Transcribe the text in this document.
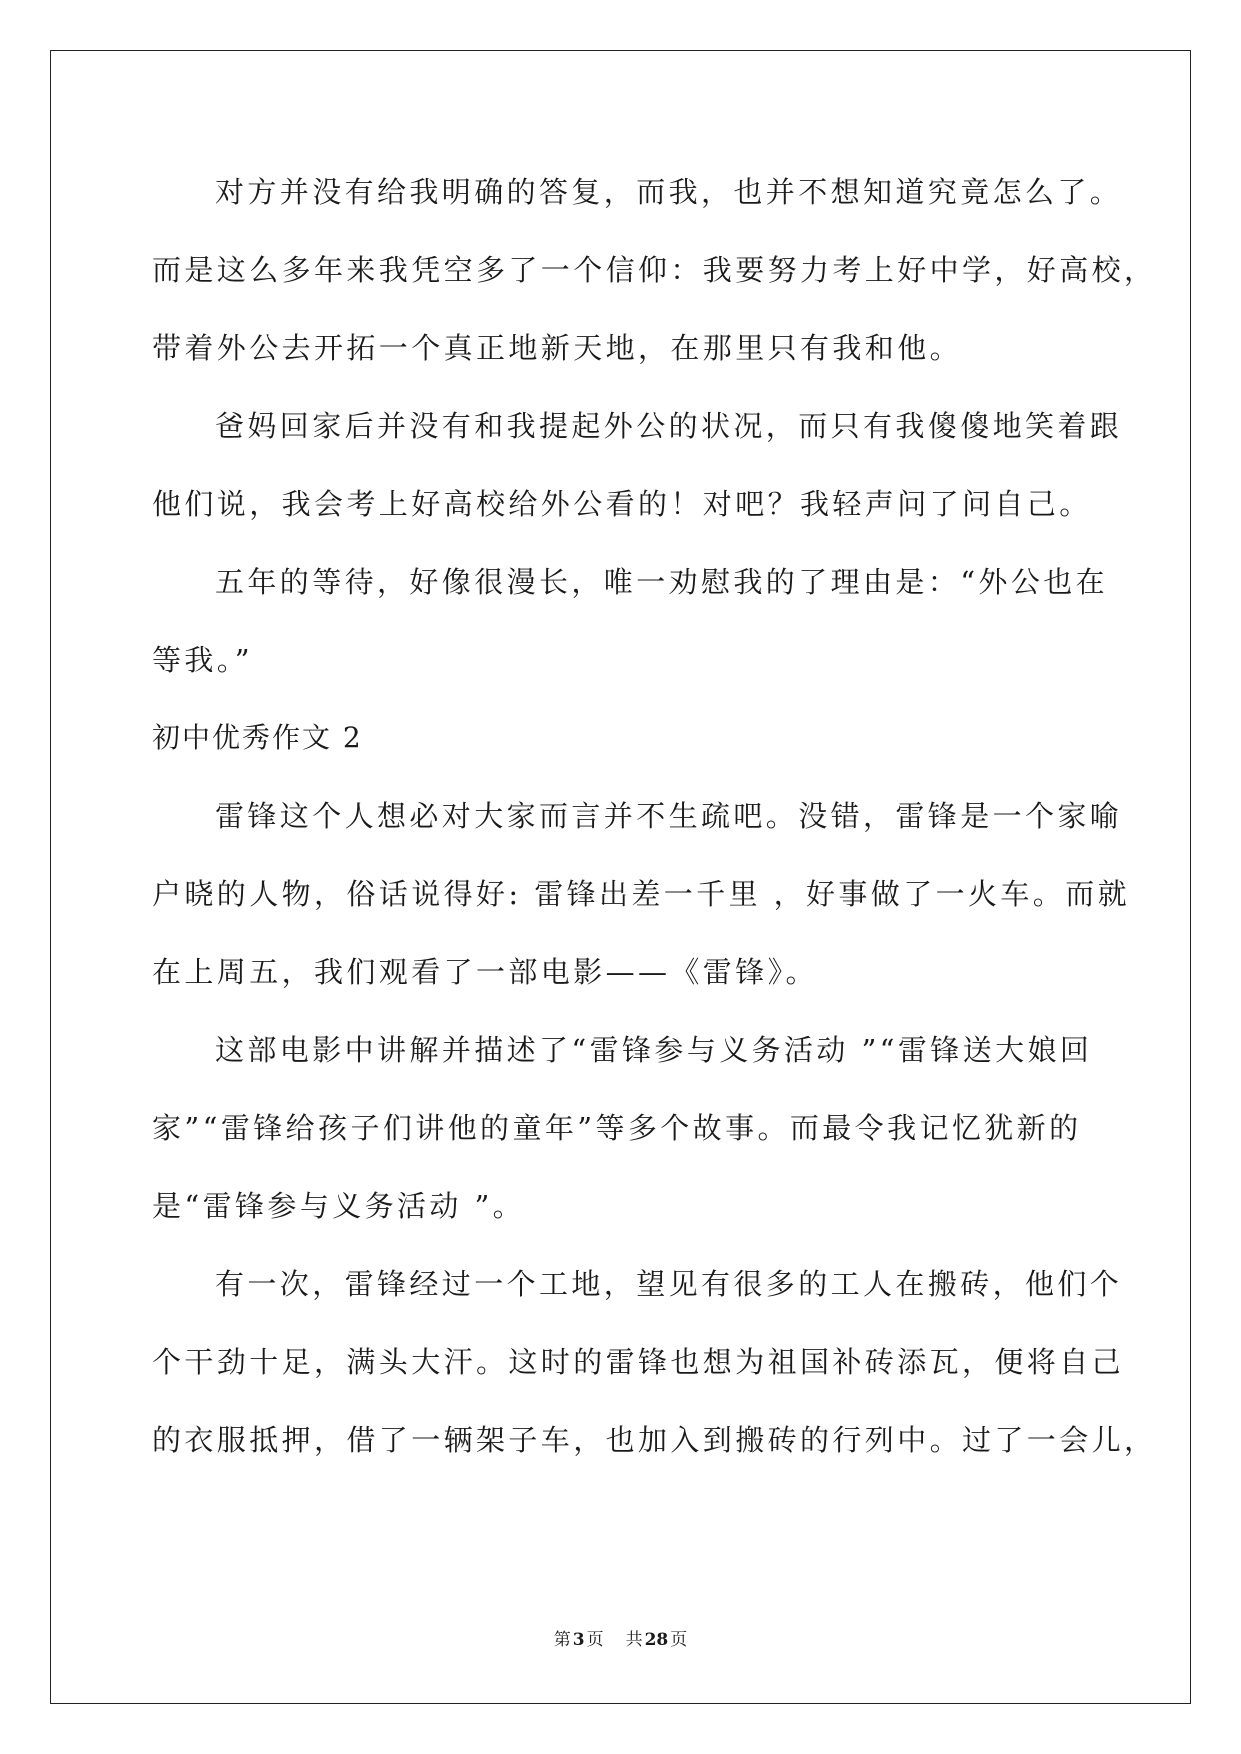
对方并没有给我明确的答复，而我，也并不想知道究竟怎么了。
而是这么多年来我凭空多了一个信仰：我要努力考上好中学，好高校，
带着外公去开拓一个真正地新天地，在那里只有我和他。
爸妈回家后并没有和我提起外公的状况，而只有我傻傻地笑着跟
他们说，我会考上好高校给外公看的！对吧？我轻声问了问自己。
五年的等待，好像很漫长，唯一劝慰我的了理由是：“外公也在
等我。”
初中优秀作文 2
雷锋这个人想必对大家而言并不生疏吧。没错，雷锋是一个家喻
户晓的人物，俗话说得好: 雷锋出差一千里 ，好事做了一火车。而就
在上周五，我们观看了一部电影——《雷锋》。
这部电影中讲解并描述了“雷锋参与义务活动 ”“雷锋送大娘回
家”“雷锋给孩子们讲他的童年”等多个故事。而最令我记忆犹新的
是“雷锋参与义务活动 ”。
有一次，雷锋经过一个工地，望见有很多的工人在搬砖，他们个
个干劲十足，满头大汗。这时的雷锋也想为祖国补砖添瓦，便将自己
的衣服抵押，借了一辆架子车，也加入到搬砖的行列中。过了一会儿，
第 3 页 共 28 页
